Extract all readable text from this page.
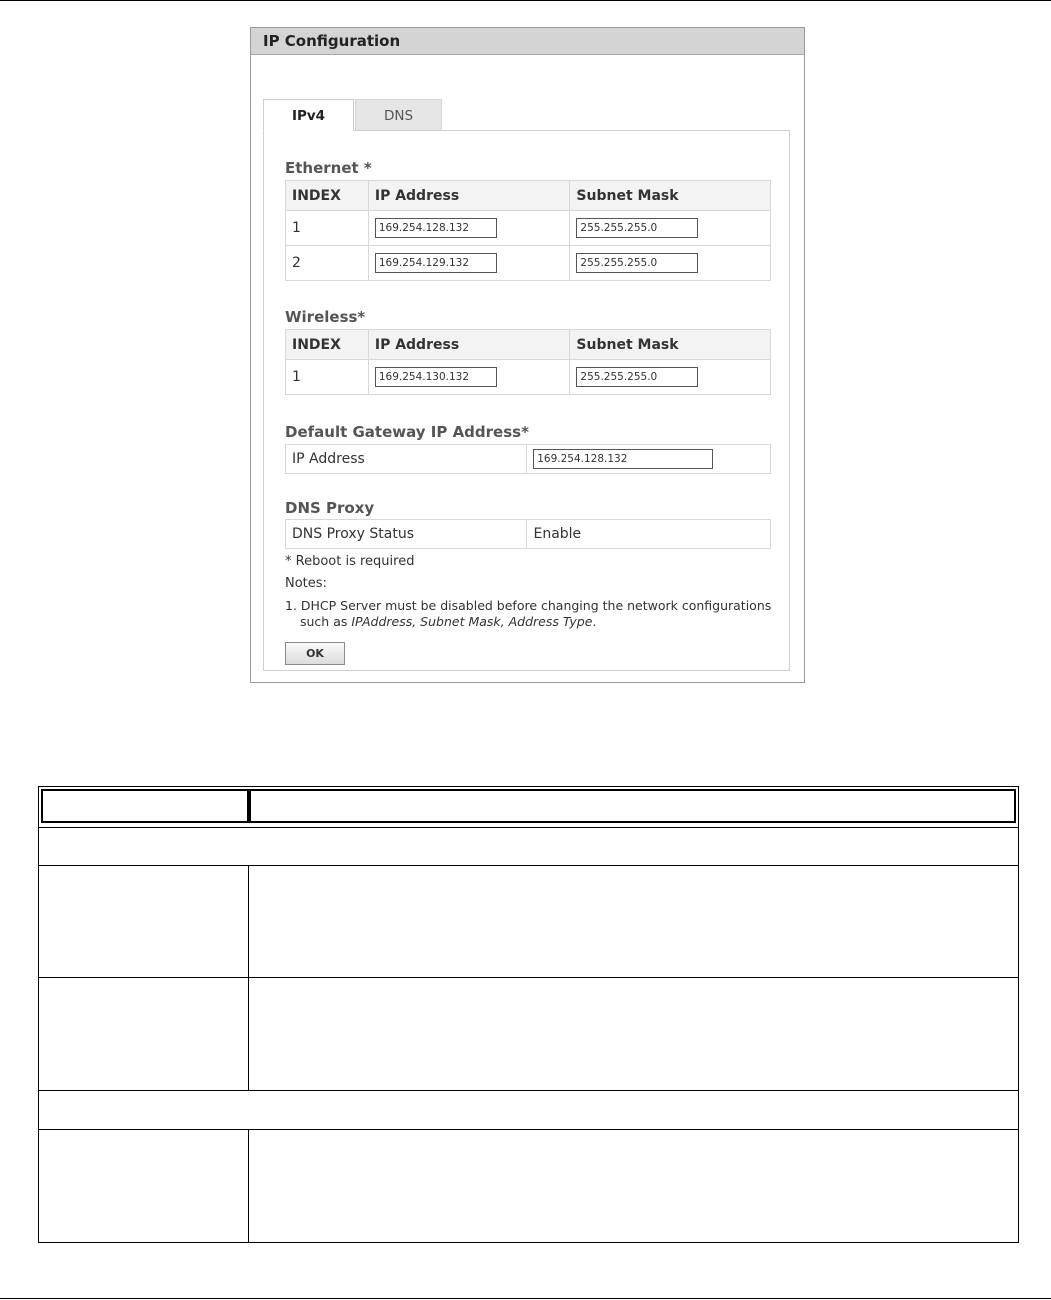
IP Configuration
IPv4	DNS
Ethernet *
INDEX	IP Address	Subnet Mask
1	169.254.128.132	255.255.255.0
2	169.254.129.132	255.255.255.0
Wireless*
INDEX	IP Address	Subnet Mask
1	169.254.130.132	255.255.255.0
Default Gateway IP Address*
IP Address	169.254.128.132
DNS Proxy
DNS Proxy Status	Enable
* Reboot is required
Notes:
1. DHCP Server must be disabled before changing the network configurations
such as IPAddress, Subnet Mask, Address Type.
OK
